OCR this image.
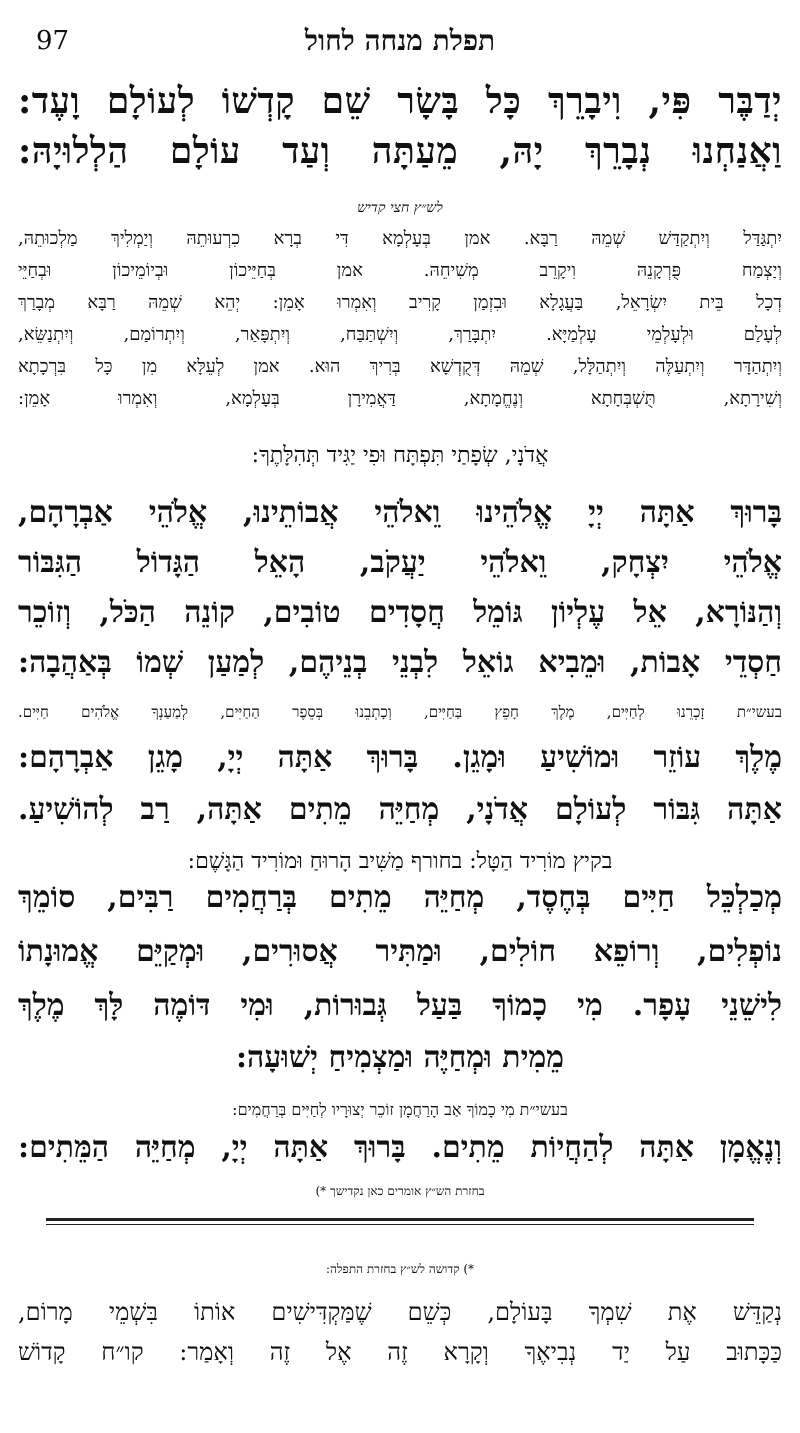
97	תפלת מנחה לחול
יְדַבֶּר פִּי, וִיבָרֵךְ כָּל בָּשָׂר שֵׁם קָדְשׁוֹ לְעוֹלָם וָעֶד:
וַאֲנַחְנוּ נְבָרֵךְ יָהּ, מֵעַתָּה וְעַד עוֹלָם הַלְלוּיָהּ:
לש״ץ חצי קדיש
יִתְגַּדַּל וְיִתְקַדַּשׁ שְׁמֵהּ רַבָּא. אמן בְּעָלְמָא דִּי בְרָא כִרְעוּתֵהּ וְיַמְלִיךְ מַלְכוּתֵהּ,
וְיַצְמַח פֻּרְקָנֵהּ וִיקָרֵב מְשִׁיחֵהּ. אמן בְּחַיֵּיכוֹן וּבְיוֹמֵיכוֹן וּבְחַיֵּי
דְכָל בֵּית יִשְׂרָאֵל, בַּעֲגָלָא וּבִזְמַן קָרִיב וְאִמְרוּ אָמֵן: יְהֵא שְׁמֵהּ רַבָּא מְבָרַךְ
לְעָלַם וּלְעָלְמֵי עָלְמַיָּא. יִתְבָּרַךְ, וְיִשְׁתַּבַּח, וְיִתְפָּאַר, וְיִתְרוֹמַם, וְיִתְנַשֵּׂא,
וְיִתְהַדָּר וְיִתְעַלֶּה וְיִתְהַלָּל, שְׁמֵהּ דְּקֻדְשָׁא בְּרִיךְ הוּא. אמן לְעֵלָּא מִן כָּל בִּרְכָתָא
וְשִׁירָתָא, תֻּשְׁבְּחָתָא וְנֶחֱמָתָא, דַּאֲמִירָן בְּעָלְמָא, וְאִמְרוּ אָמֵן:
אֲדֹנָי, שְׂפָתַי תִּפְתָּח וּפִי יַגִּיד תְּהִלָּתֶךָ:
בָּרוּךְ אַתָּה יְיָ אֱלֹהֵינוּ וֵאלֹהֵי אֲבוֹתֵינוּ, אֱלֹהֵי אַבְרָהָם,
אֱלֹהֵי יִצְחָק, וֵאלֹהֵי יַעֲקֹב, הָאֵל הַגָּדוֹל הַגִּבּוֹר
וְהַנּוֹרָא, אֵל עֶלְיוֹן גּוֹמֵל חֲסָדִים טוֹבִים, קוֹנֵה הַכֹּל, וְזוֹכֵר
חַסְדֵי אָבוֹת, וּמֵבִיא גוֹאֵל לִבְנֵי בְנֵיהֶם, לְמַעַן שְׁמוֹ בְּאַהֲבָה:
בעשי״ת זָכְרֵנוּ לְחַיִּים, מֶלֶךְ חָפֵץ בַּחַיִּים, וְכָתְבֵנוּ בְּסֵפֶר הַחַיִּים, לְמַעַנְךָ אֱלֹהִים חַיִּים.
מֶלֶךְ עוֹזֵר וּמוֹשִׁיעַ וּמָגֵן. בָּרוּךְ אַתָּה יְיָ, מָגֵן אַבְרָהָם:
אַתָּה גִּבּוֹר לְעוֹלָם אֲדֹנָי, מְחַיֵּה מֵתִים אַתָּה, רַב לְהוֹשִׁיעַ.
בקיץ מוֹרִיד הַטָּל: בחורף מַשִּׁיב הָרוּחַ וּמוֹרִיד הַגָּשֶׁם:
מְכַלְכֵּל חַיִּים בְּחֶסֶד, מְחַיֵּה מֵתִים בְּרַחֲמִים רַבִּים, סוֹמֵךְ
נוֹפְלִים, וְרוֹפֵא חוֹלִים, וּמַתִּיר אֲסוּרִים, וּמְקַיֵּם אֱמוּנָתוֹ
לִישֵׁנֵי עָפָר. מִי כָמוֹךָ בַּעַל גְּבוּרוֹת, וּמִי דּוֹמֶה לָּךְ מֶלֶךְ
מֵמִית וּמְחַיֶּה וּמַצְמִיחַ יְשׁוּעָה:
בעשי״ת מִי כָמוֹךָ אַב הָרַחֲמָן זוֹכֵר יְצוּרָיו לְחַיִּים בְּרַחֲמִים:
וְנֶאֱמָן אַתָּה לְהַחֲיוֹת מֵתִים. בָּרוּךְ אַתָּה יְיָ, מְחַיֵּה הַמֵּתִים:
בחזרת הש״ץ אומרים כאן נקדישך *)
*) קדושה לש״ץ בחזרת התפלה:
נְקַדֵּשׁ אֶת שִׁמְךָ בָּעוֹלָם, כְּשֵׁם שֶׁמַּקְדִּישִׁים אוֹתוֹ בִּשְׁמֵי מָרוֹם,
כַּכָּתוּב עַל יַד נְבִיאֶךָ וְקָרָא זֶה אֶל זֶה וְאָמַר: קו״ח קָדוֹשׁ
